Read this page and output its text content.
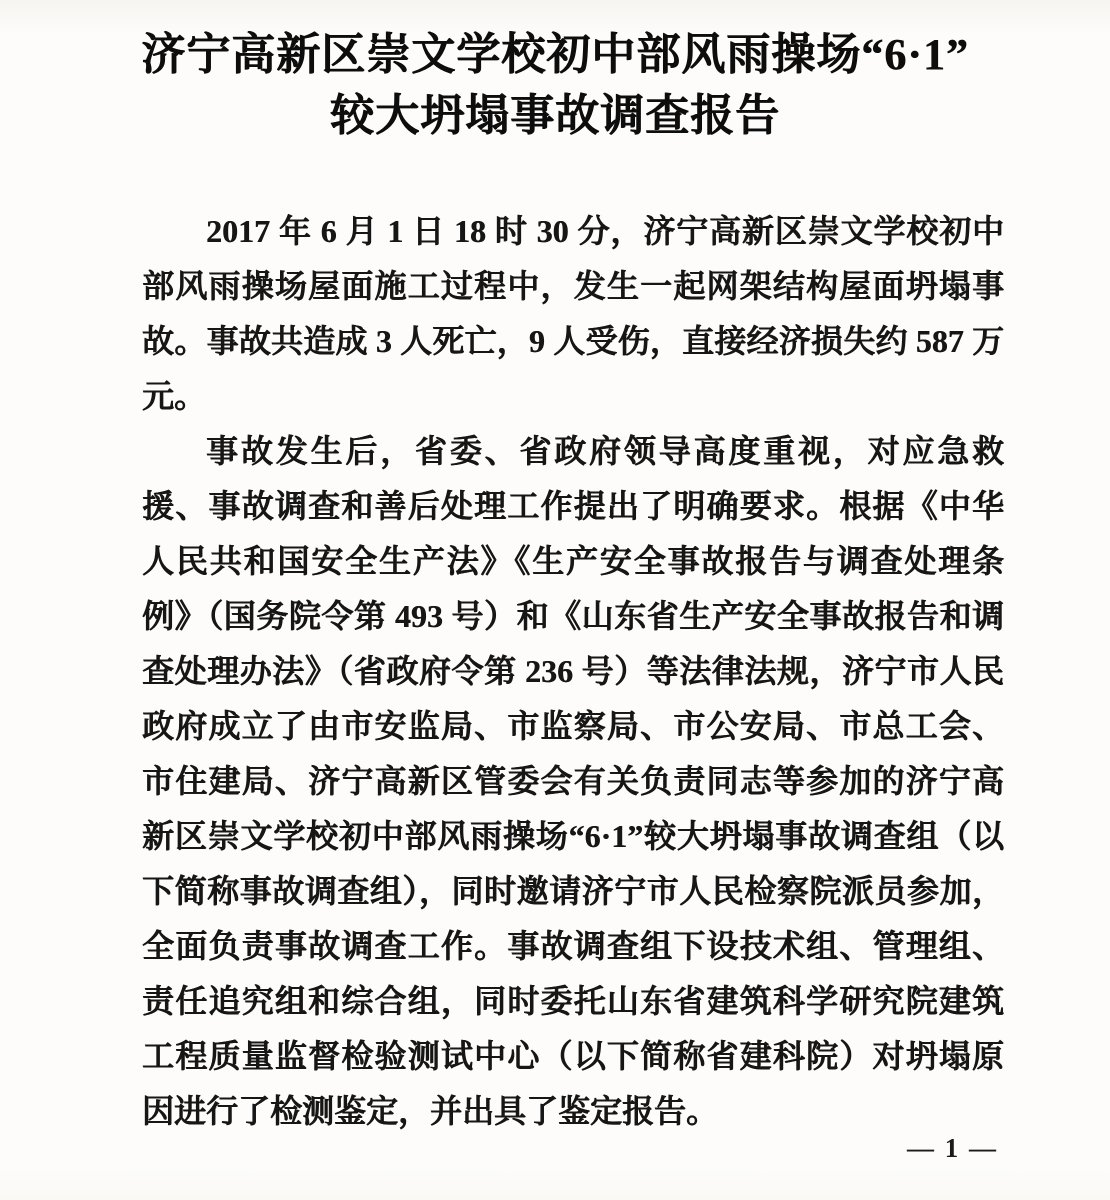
济宁高新区崇文学校初中部风雨操场“6·1”
较大坍塌事故调查报告

2017 年 6 月 1 日 18 时 30 分，济宁高新区崇文学校初中部风雨操场屋面施工过程中，发生一起网架结构屋面坍塌事故。事故共造成 3 人死亡，9 人受伤，直接经济损失约 587 万元。

事故发生后，省委、省政府领导高度重视，对应急救援、事故调查和善后处理工作提出了明确要求。根据《中华人民共和国安全生产法》《生产安全事故报告与调查处理条例》（国务院令第 493 号）和《山东省生产安全事故报告和调查处理办法》（省政府令第 236 号）等法律法规，济宁市人民政府成立了由市安监局、市监察局、市公安局、市总工会、市住建局、济宁高新区管委会有关负责同志等参加的济宁高新区崇文学校初中部风雨操场“6·1”较大坍塌事故调查组（以下简称事故调查组），同时邀请济宁市人民检察院派员参加，全面负责事故调查工作。事故调查组下设技术组、管理组、责任追究组和综合组，同时委托山东省建筑科学研究院建筑工程质量监督检验测试中心（以下简称省建科院）对坍塌原因进行了检测鉴定，并出具了鉴定报告。

— 1 —
